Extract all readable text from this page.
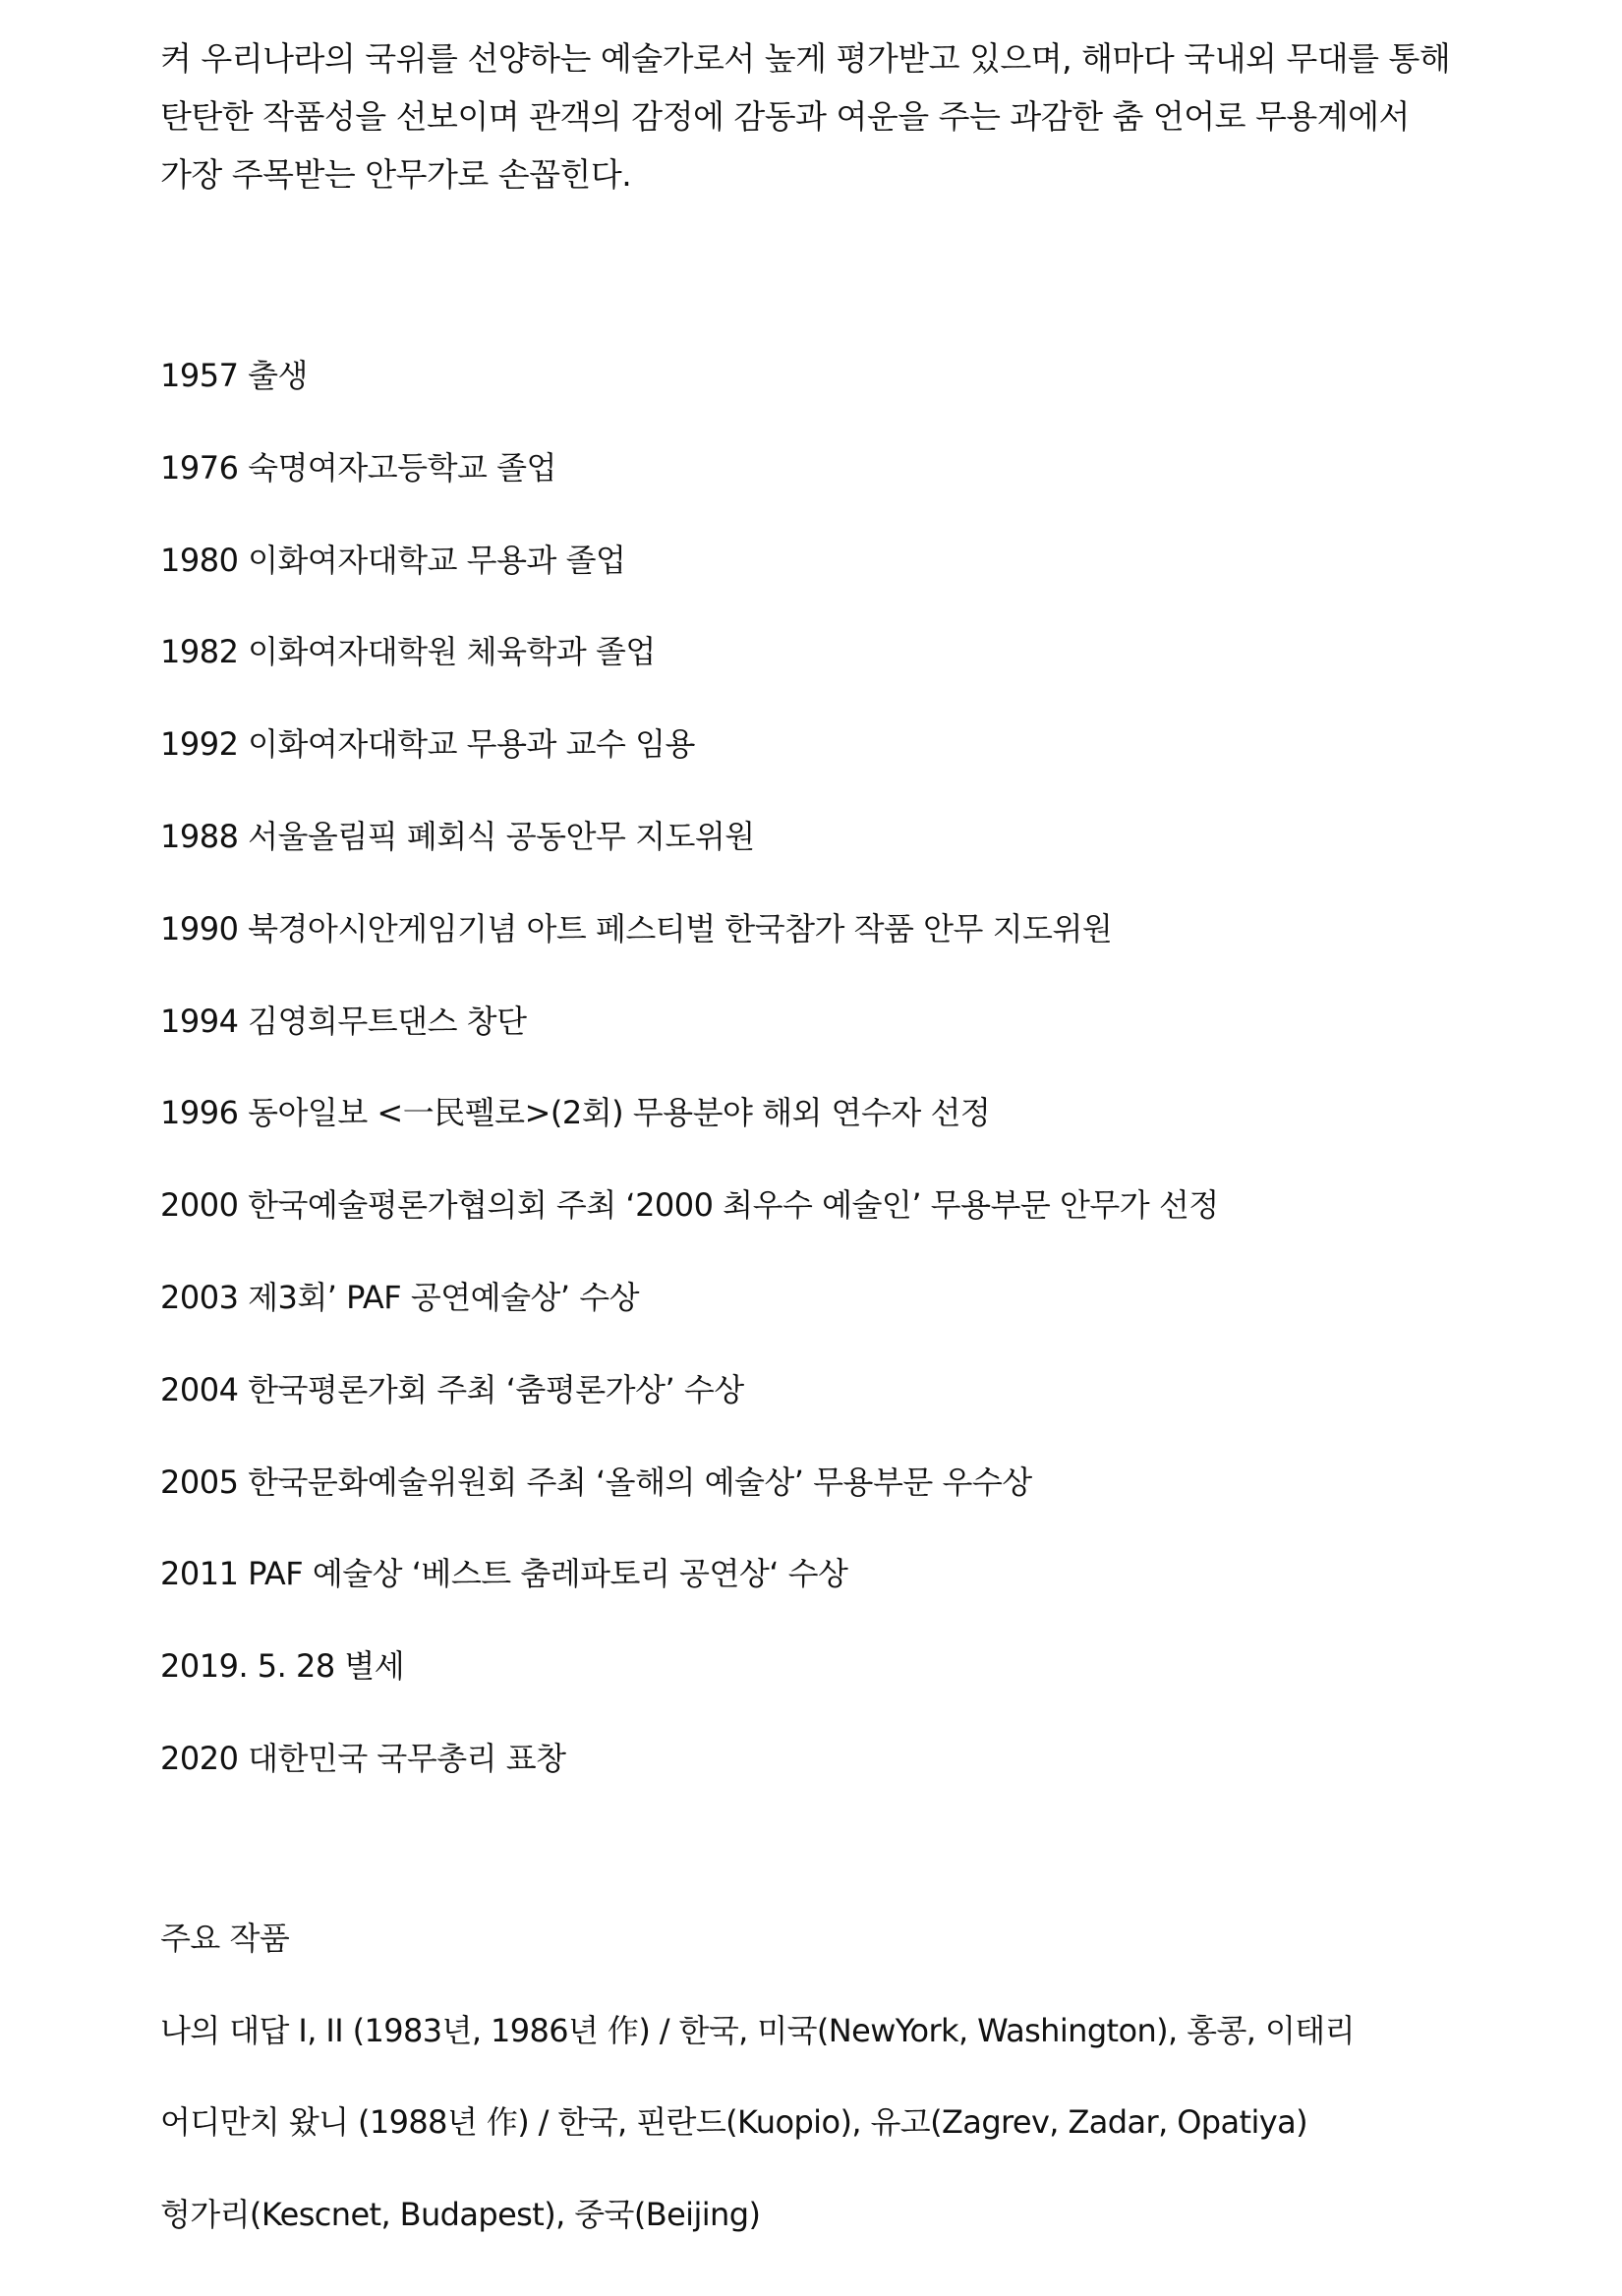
켜 우리나라의 국위를 선양하는 예술가로서 높게 평가받고 있으며, 해마다 국내외 무대를 통해 탄탄한 작품성을 선보이며 관객의 감정에 감동과 여운을 주는 과감한 춤 언어로 무용계에서 가장 주목받는 안무가로 손꼽힌다.

1957 출생
1976 숙명여자고등학교 졸업
1980 이화여자대학교 무용과 졸업
1982 이화여자대학원 체육학과 졸업
1992 이화여자대학교 무용과 교수 임용
1988 서울올림픽 폐회식 공동안무 지도위원
1990 북경아시안게임기념 아트 페스티벌 한국참가 작품 안무 지도위원
1994 김영희무트댄스 창단
1996 동아일보 <一民펠로>(2회) 무용분야 해외 연수자 선정
2000 한국예술평론가협의회 주최 ‘2000 최우수 예술인’ 무용부문 안무가 선정
2003 제3회’ PAF 공연예술상’ 수상
2004 한국평론가회 주최 ‘춤평론가상’ 수상
2005 한국문화예술위원회 주최 ‘올해의 예술상’ 무용부문 우수상
2011 PAF 예술상 ‘베스트 춤레파토리 공연상‘ 수상
2019. 5. 28 별세
2020 대한민국 국무총리 표창
주요 작품
나의 대답 I, II (1983년, 1986년 作) / 한국, 미국(NewYork, Washington), 홍콩, 이태리
어디만치 왔니 (1988년 作) / 한국, 핀란드(Kuopio), 유고(Zagrev, Zadar, Opatiya)
헝가리(Kescnet, Budapest), 중국(Beijing)
